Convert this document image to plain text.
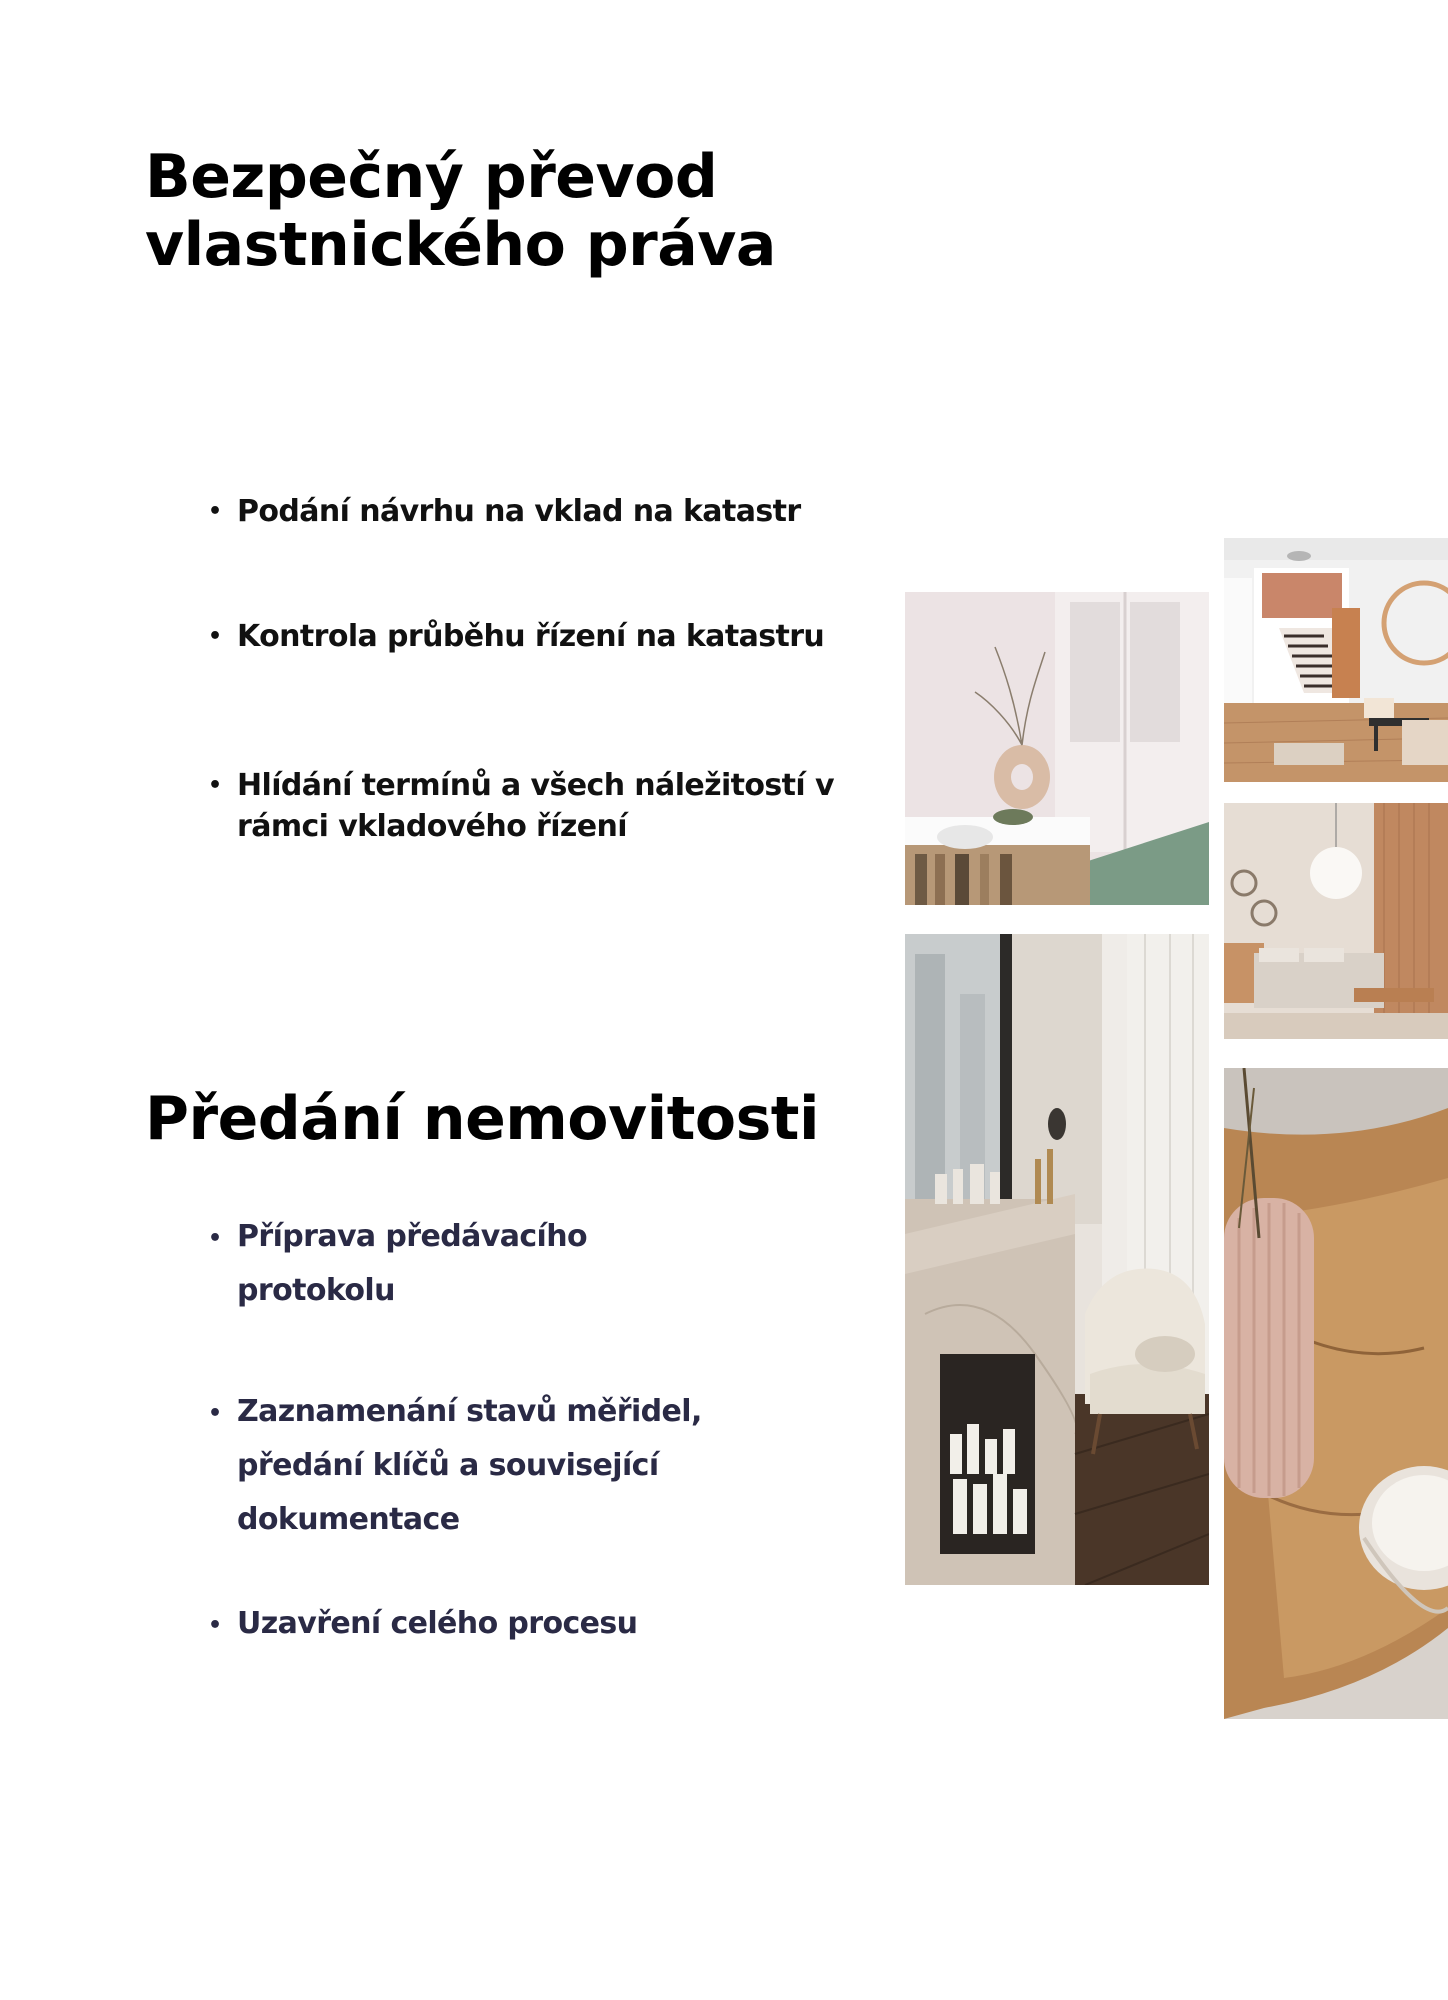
Bezpečný převod
vlastnického práva
• Podání návrhu na vklad na katastr
• Kontrola průběhu řízení na katastru
• Hlídání termínů a všech náležitostí v
rámci vkladového řízení
Předání nemovitosti
• Příprava předávacího
protokolu
• Zaznamenání stavů měřidel,
předání klíčů a související
dokumentace
• Uzavření celého procesu
